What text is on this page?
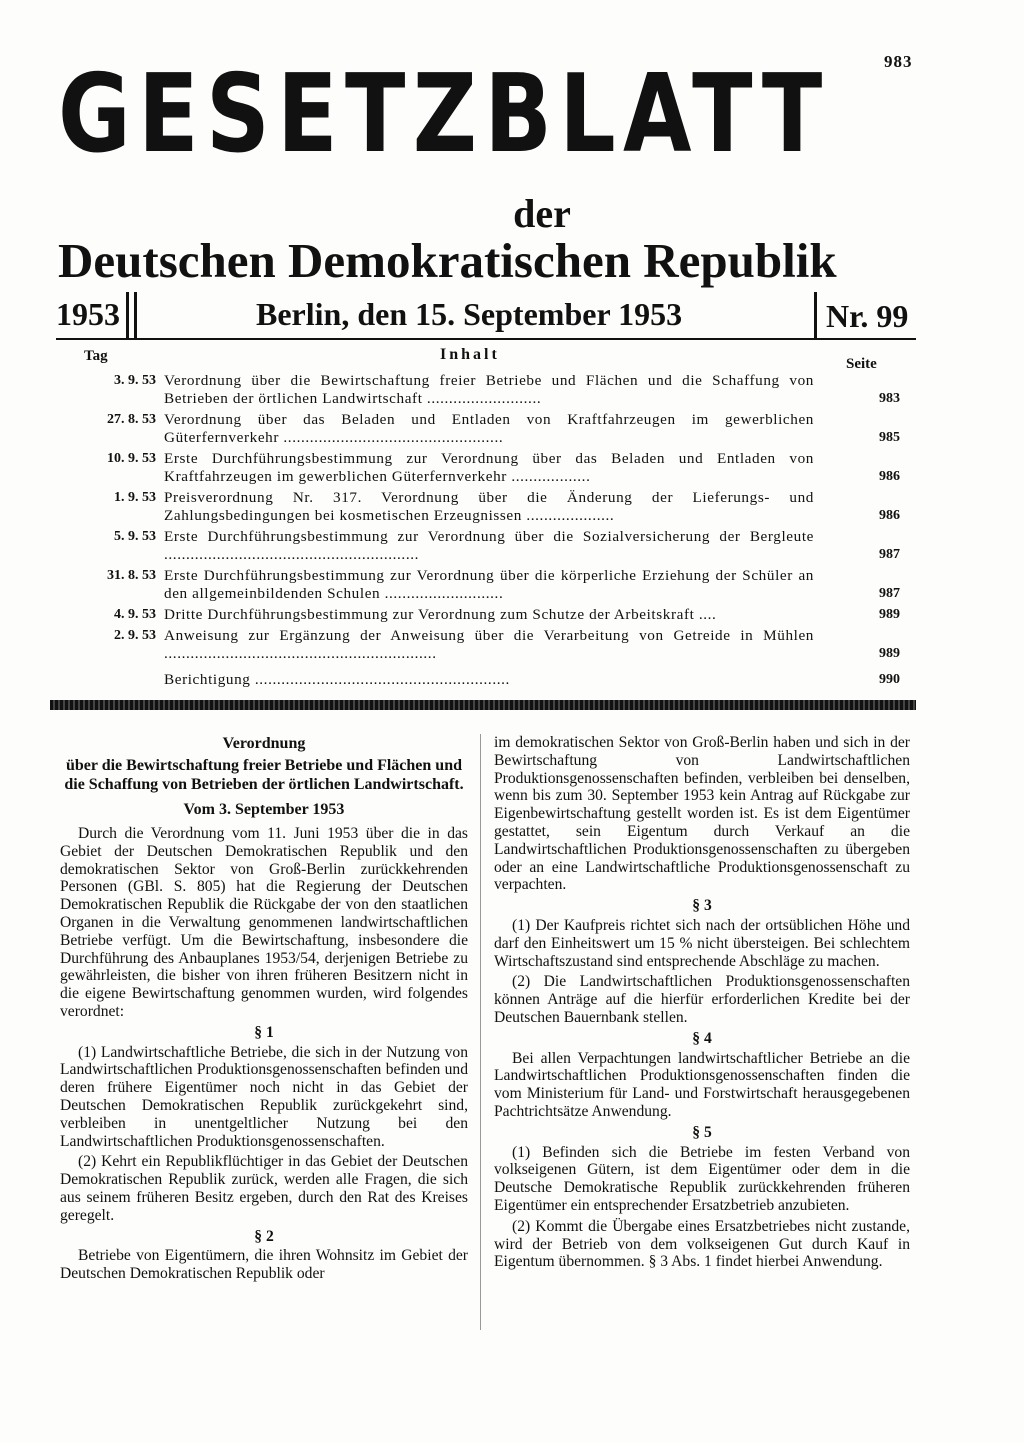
983
GESETZBLATT
der
Deutschen Demokratischen Republik
1953	Berlin, den 15. September 1953	Nr. 99
Tag	Inhalt
Seite
3. 9. 53 Verordnung über die Bewirtschaftung freier Betriebe und Flächen und die Schaffung von Betrieben der örtlichen Landwirtschaft ..........................	983
27. 8. 53 Verordnung über das Beladen und Entladen von Kraftfahrzeugen im gewerblichen Güterfernverkehr ..................................................	985
10. 9. 53 Erste Durchführungsbestimmung zur Verordnung über das Beladen und Entladen von Kraftfahrzeugen im gewerblichen Güterfernverkehr ..................	986
1. 9. 53 Preisverordnung Nr. 317. Verordnung über die Änderung der Lieferungs- und Zahlungsbedingungen bei kosmetischen Erzeugnissen ....................	986
5. 9. 53 Erste Durchführungsbestimmung zur Verordnung über die Sozialversicherung der Bergleute ..........................................................	987
31. 8. 53 Erste Durchführungsbestimmung zur Verordnung über die körperliche Erziehung der Schüler an den allgemeinbildenden Schulen ...........................	987
4. 9. 53 Dritte Durchführungsbestimmung zur Verordnung zum Schutze der Arbeitskraft ....	989
2. 9. 53 Anweisung zur Ergänzung der Anweisung über die Verarbeitung von Getreide in Mühlen ..............................................................	989
Berichtigung ..........................................................	990

Verordnung

über die Bewirtschaftung freier Betriebe und Flächen und die Schaffung von Betrieben der örtlichen Landwirtschaft.

Vom 3. September 1953

Durch die Verordnung vom 11. Juni 1953 über die in das Gebiet der Deutschen Demokratischen Republik und den demokratischen Sektor von Groß-Berlin zurückkehrenden Personen (GBl. S. 805) hat die Regierung der Deutschen Demokratischen Republik die Rückgabe der von den staatlichen Organen in die Verwaltung genommenen landwirtschaftlichen Betriebe verfügt. Um die Bewirtschaftung, insbesondere die Durchführung des Anbauplanes 1953/54, derjenigen Betriebe zu gewährleisten, die bisher von ihren früheren Besitzern nicht in die eigene Bewirtschaftung genommen wurden, wird folgendes verordnet:

§ 1

(1) Landwirtschaftliche Betriebe, die sich in der Nutzung von Landwirtschaftlichen Produktionsgenossenschaften befinden und deren frühere Eigentümer noch nicht in das Gebiet der Deutschen Demokratischen Republik zurückgekehrt sind, verbleiben in unentgeltlicher Nutzung bei den Landwirtschaftlichen Produktionsgenossenschaften.

(2) Kehrt ein Republikflüchtiger in das Gebiet der Deutschen Demokratischen Republik zurück, werden alle Fragen, die sich aus seinem früheren Besitz ergeben, durch den Rat des Kreises geregelt.

§ 2

Betriebe von Eigentümern, die ihren Wohnsitz im Gebiet der Deutschen Demokratischen Republik oder

im demokratischen Sektor von Groß-Berlin haben und sich in der Bewirtschaftung von Landwirtschaftlichen Produktionsgenossenschaften befinden, verbleiben bei denselben, wenn bis zum 30. September 1953 kein Antrag auf Rückgabe zur Eigenbewirtschaftung gestellt worden ist. Es ist dem Eigentümer gestattet, sein Eigentum durch Verkauf an die Landwirtschaftlichen Produktionsgenossenschaften zu übergeben oder an eine Landwirtschaftliche Produktionsgenossenschaft zu verpachten.

§ 3

(1) Der Kaufpreis richtet sich nach der ortsüblichen Höhe und darf den Einheitswert um 15 % nicht übersteigen. Bei schlechtem Wirtschaftszustand sind entsprechende Abschläge zu machen.

(2) Die Landwirtschaftlichen Produktionsgenossenschaften können Anträge auf die hierfür erforderlichen Kredite bei der Deutschen Bauernbank stellen.

§ 4

Bei allen Verpachtungen landwirtschaftlicher Betriebe an die Landwirtschaftlichen Produktionsgenossenschaften finden die vom Ministerium für Land- und Forstwirtschaft herausgegebenen Pachtrichtsätze Anwendung.

§ 5

(1) Befinden sich die Betriebe im festen Verband von volkseigenen Gütern, ist dem Eigentümer oder dem in die Deutsche Demokratische Republik zurückkehrenden früheren Eigentümer ein entsprechender Ersatzbetrieb anzubieten.

(2) Kommt die Übergabe eines Ersatzbetriebes nicht zustande, wird der Betrieb von dem volkseigenen Gut durch Kauf in Eigentum übernommen. § 3 Abs. 1 findet hierbei Anwendung.
